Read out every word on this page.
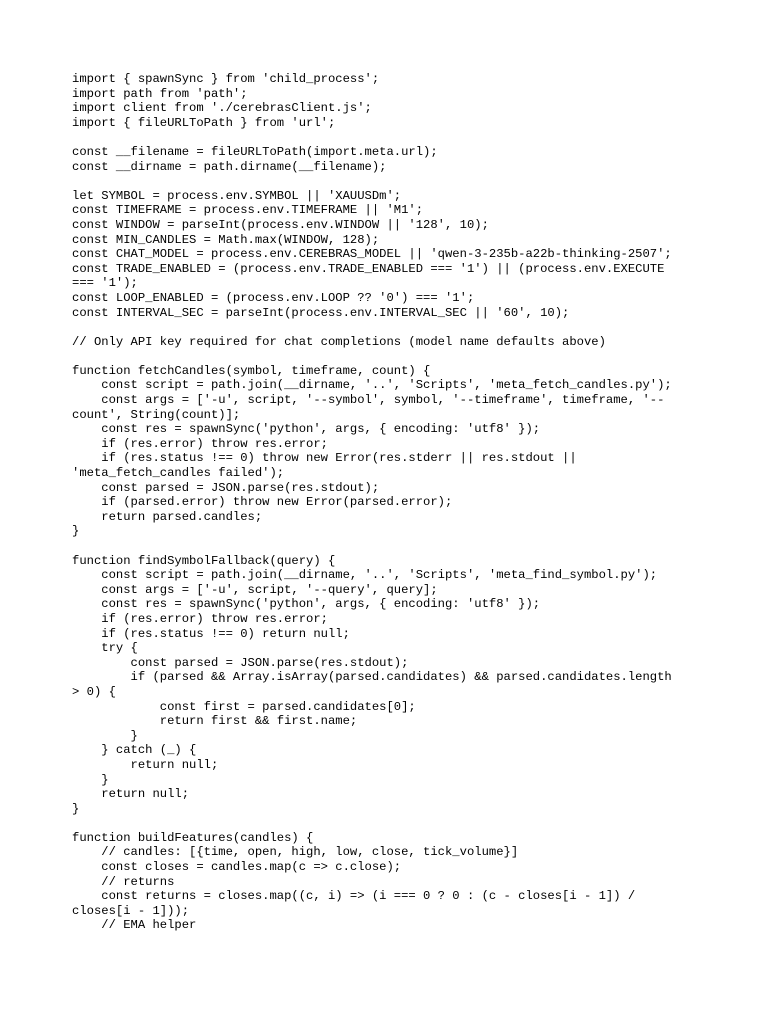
import { spawnSync } from 'child_process';
import path from 'path';
import client from './cerebrasClient.js';
import { fileURLToPath } from 'url';
const __filename = fileURLToPath(import.meta.url);
const __dirname = path.dirname(__filename);
let SYMBOL = process.env.SYMBOL || 'XAUUSDm';
const TIMEFRAME = process.env.TIMEFRAME || 'M1';
const WINDOW = parseInt(process.env.WINDOW || '128', 10);
const MIN_CANDLES = Math.max(WINDOW, 128);
const CHAT_MODEL = process.env.CEREBRAS_MODEL || 'qwen-3-235b-a22b-thinking-2507';
const TRADE_ENABLED = (process.env.TRADE_ENABLED === '1') || (process.env.EXECUTE
=== '1');
const LOOP_ENABLED = (process.env.LOOP ?? '0') === '1';
const INTERVAL_SEC = parseInt(process.env.INTERVAL_SEC || '60', 10);
// Only API key required for chat completions (model name defaults above)
function fetchCandles(symbol, timeframe, count) {
const script = path.join(__dirname, '..', 'Scripts', 'meta_fetch_candles.py');
const args = ['-u', script, '--symbol', symbol, '--timeframe', timeframe, '--
count', String(count)];
const res = spawnSync('python', args, { encoding: 'utf8' });
if (res.error) throw res.error;
if (res.status !== 0) throw new Error(res.stderr || res.stdout ||
'meta_fetch_candles failed');
const parsed = JSON.parse(res.stdout);
if (parsed.error) throw new Error(parsed.error);
return parsed.candles;
}
function findSymbolFallback(query) {
const script = path.join(__dirname, '..', 'Scripts', 'meta_find_symbol.py');
const args = ['-u', script, '--query', query];
const res = spawnSync('python', args, { encoding: 'utf8' });
if (res.error) throw res.error;
if (res.status !== 0) return null;
try {
const parsed = JSON.parse(res.stdout);
if (parsed && Array.isArray(parsed.candidates) && parsed.candidates.length
> 0) {
const first = parsed.candidates[0];
return first && first.name;
}
} catch (_) {
return null;
}
return null;
}
function buildFeatures(candles) {
// candles: [{time, open, high, low, close, tick_volume}]
const closes = candles.map(c => c.close);
// returns
const returns = closes.map((c, i) => (i === 0 ? 0 : (c - closes[i - 1]) /
closes[i - 1]));
// EMA helper
